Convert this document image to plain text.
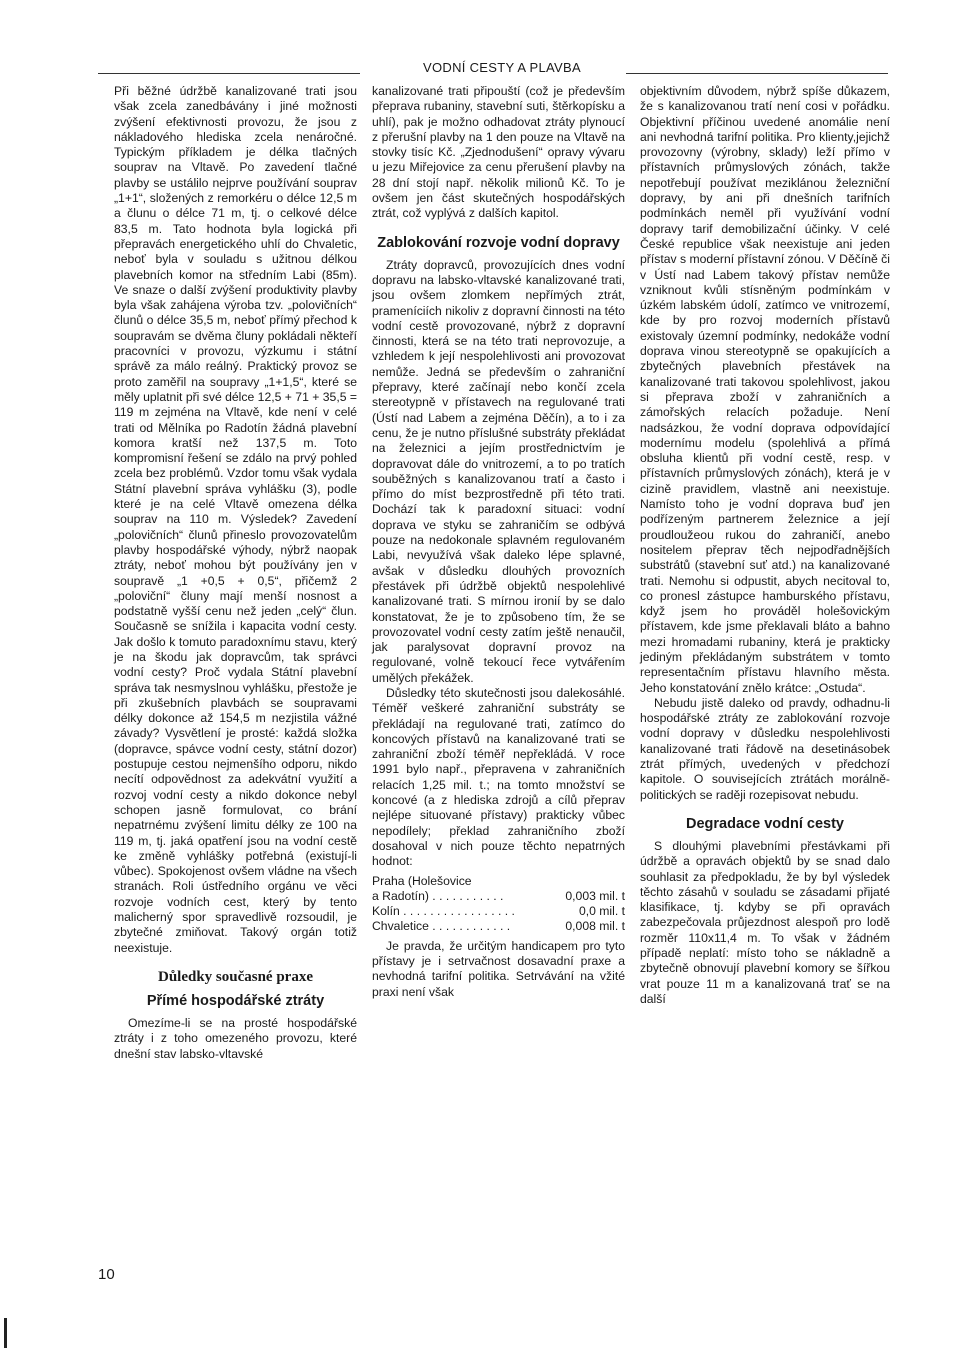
VODNÍ CESTY A PLAVBA

Při běžné údržbě kanalizované trati jsou však zcela zanedbávány i jiné možnosti zvýšení efektivnosti provozu, že jsou z nákladového hlediska zcela nenáročné. Typickým příkladem je délka tlačných souprav na Vltavě. Po zavedení tlačné plavby se ustálilo nejprve používání souprav „1+1“, složených z remorkéru o délce 12,5 m a člunu o délce 71 m, tj. o celkové délce 83,5 m. Tato hodnota byla logická při přepravách energetického uhlí do Chvaletic, neboť byla v souladu s užitnou délkou plavebních komor na středním Labi (85m). Ve snaze o další zvýšení produktivity plavby byla však zahájena výroba tzv. „polovičních“ člunů o délce 35,5 m, neboť přímý přechod k soupravám se dvěma čluny pokládali někteří pracovníci v provozu, výzkumu i státní správě za málo reálný. Praktický provoz se proto zaměřil na soupravy „1+1,5“, které se měly uplatnit při své délce 12,5 + 71 + 35,5 = 119 m zejména na Vltavě, kde není v celé trati od Mělníka po Radotín žádná plavební komora kratší než 137,5 m. Toto kompromisní řešení se zdálo na prvý pohled zcela bez problémů. Vzdor tomu však vydala Státní plavební správa vyhlášku (3), podle které je na celé Vltavě omezena délka souprav na 110 m. Výsledek? Zavedení „polovičních“ člunů přineslo provozovatelům plavby hospodářské výhody, nýbrž naopak ztráty, neboť mohou být používány jen v soupravě „1 +0,5 + 0,5“, přičemž 2 „poloviční“ čluny mají menší nosnost a podstatně vyšší cenu než jeden „celý“ člun. Současně se snížila i kapacita vodní cesty. Jak došlo k tomuto paradoxnímu stavu, který je na škodu jak dopravcům, tak správci vodní cesty? Proč vydala Státní plavební správa tak nesmyslnou vyhlášku, přestože je při zkušebních plavbách se soupravami délky dokonce až 154,5 m nezjistila vážné závady? Vysvětlení je prosté: každá složka (dopravce, spávce vodní cesty, státní dozor) postupuje cestou nejmenšího odporu, nikdo necítí odpovědnost za adekvátní využití a rozvoj vodní cesty a nikdo dokonce nebyl schopen jasně formulovat, co brání nepatrnému zvýšení limitu délky ze 100 na 119 m, tj. jaká opatření jsou na vodní cestě ke změně vyhlášky potřebná (existují-li vůbec). Spokojenost ovšem vládne na všech stranách. Roli ústředního orgánu ve věci rozvoje vodních cest, který by tento malicherný spor spravedlivě rozsoudil, je zbytečné zmiňovat. Takový orgán totiž neexistuje.

Důledky současné praxe
Přímé hospodářské ztráty

Omezíme-li se na prosté hospodářské ztráty i z toho omezeného provozu, které dnešní stav labsko-vltavské

kanalizované trati připouští (což je především přeprava rubaniny, stavební suti, štěrkopísku a uhlí), pak je možno odhadovat ztráty plynoucí z přerušní plavby na 1 den pouze na Vltavě na stovky tisíc Kč. „Zjednodušení“ opravy vývaru u jezu Miřejovice za cenu přerušení plavby na 28 dní stojí např. několik milionů Kč. To je ovšem jen část skutečných hospodářských ztrát, což vyplývá z dalších kapitol.

Zablokování rozvoje vodní dopravy

Ztráty dopravců, provozujících dnes vodní dopravu na labsko-vltavské kanalizované trati, jsou ovšem zlomkem nepřímých ztrát, prameníciích nikoliv z dopravní činnosti na této vodní cestě provozované, nýbrž z dopravní činnosti, která se na této trati neprovozuje, a vzhledem k její nespolehlivosti ani provozovat nemůže. Jedná se především o zahraniční přepravy, které začínají nebo končí zcela stereotypně v přístavech na regulované trati (Ústí nad Labem a zejména Děčín), a to i za cenu, že je nutno příslušné substráty překládat na železnici a jejím prostřednictvím je dopravovat dále do vnitrozemí, a to po tratích souběžných s kanalizovanou tratí a často i přímo do míst bezprostředně při této trati. Dochází tak k paradoxní situaci: vodní doprava ve styku se zahraničím se odbývá pouze na nedokonale splavném regulovaném Labi, nevyužívá však daleko lépe splavné, avšak v důsledku dlouhých provozních přestávek při údržbě objektů nespolehlivé kanalizované trati. S mírnou ironií by se dalo konstatovat, že je to způsobeno tím, že se provozovatel vodní cesty zatím ještě nenaučil, jak paralysovat dopravní provoz na regulované, volně tekoucí řece vytvářením umělých překážek.

Důsledky této skutečnosti jsou dalekosáhlé. Téměř veškeré zahraniční substráty se překládají na regulované trati, zatímco do koncových přístavů na kanalizované trati se zahraniční zboží téměř nepřekládá. V roce 1991 bylo např., přepravena v zahraničních relacích 1,25 mil. t.; na tomto množství se koncové (a z hlediska zdrojů a cílů přeprav nejlépe situované přístavy) prakticky vůbec nepodílely; překlad zahraničního zboží dosahoval v nich pouze těchto nepatrných hodnot:

Praha (Holešovice
a Radotín) . . . . . . . . . . .	0,003 mil. t
Kolín . . . . . . . . . . . . . . . . .	0,0 mil. t
Chvaletice . . . . . . . . . . . .	0,008 mil. t

Je pravda, že určitým handicapem pro tyto přístavy je i setrvačnost dosavadní praxe a nevhodná tarifní politika. Setrvávání na vžité praxi není však

objektivním důvodem, nýbrž spíše důkazem, že s kanalizovanou tratí není cosi v pořádku. Objektivní příčinou uvedené anomálie není ani nevhodná tarifní politika. Pro klienty,jejichž provozovny (výrobny, sklady) leží přímo v přístavních průmyslových zónách, takže nepotřebují používat meziklánou železniční dopravy, by ani při dnešních tarifních podmínkách neměl při využívání vodní dopravy tarif demobilizační účinky. V celé České republice však neexistuje ani jeden přístav s moderní přístavní zónou. V Děčíně či v Ústí nad Labem takový přístav nemůže vzniknout kvůli stísněným podmínkám v úzkém labském údolí, zatímco ve vnitrozemí, kde by pro rozvoj moderních přístavů existovaly územní podmínky, nedokáže vodní doprava vinou stereotypně se opakujících a zbytečných plavebních přestávek na kanalizované trati takovou spolehlivost, jakou si přeprava zboží v zahraničních a zámořských relacích požaduje. Není nadsázkou, že vodní doprava odpovídající modernímu modelu (spolehlivá a přímá obsluha klientů při vodní cestě, resp. v přístavních průmyslových zónách), která je v cizině pravidlem, vlastně ani neexistuje. Namísto toho je vodní doprava buď jen podřízeným partnerem železnice a její proudloužeou rukou do zahraničí, anebo nositelem přeprav těch nejpodřadnějších substrátů (stavební suť atd.) na kanalizované trati. Nemohu si odpustit, abych necitoval to, co pronesl zástupce hamburského přístavu, když jsem ho prováděl holešovickým přístavem, kde jsme překlavali bláto a bahno mezi hromadami rubaniny, která je prakticky jediným překládaným substrátem v tomto representačním přístavu hlavního města. Jeho konstatování znělo krátce: „Ostuda“.

Nebudu jistě daleko od pravdy, odhadnu-li hospodářské ztráty ze zablokování rozvoje vodní dopravy v důsledku nespolehlivosti kanalizované trati řádově na desetinásobek ztrát přímých, uvedených v předchozí kapitole. O souvisejících ztrátách morálně-politických se raději rozepisovat nebudu.

Degradace vodní cesty

S dlouhými plavebními přestávkami při údržbě a opravách objektů by se snad dalo souhlasit za předpokladu, že by byl výsledek těchto zásahů v souladu se zásadami přijaté klasifikace, tj. kdyby se při opravách zabezpečovala průjezdnost alespoň pro lodě rozměr 110x11,4 m. To však v žádném případě neplatí: místo toho se nákladně a zbytečně obnovují plavební komory se šířkou vrat pouze 11 m a kanalizovaná trať se na další

10
